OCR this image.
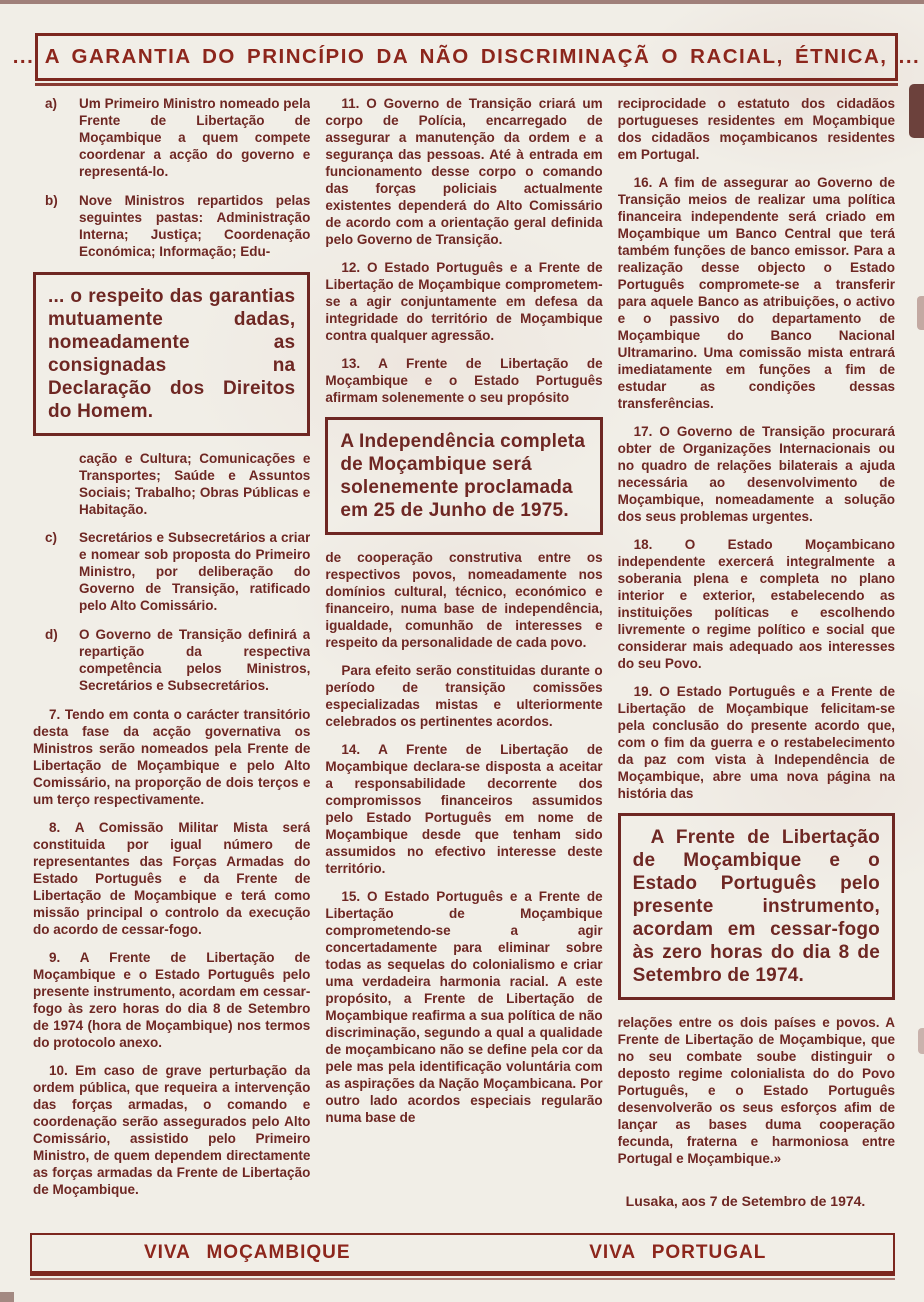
... A GARANTIA DO PRINCÍPIO DA NÃO DISCRIMINAÇÃ O RACIAL, ÉTNICA, ...
a) Um Primeiro Ministro nomeado pela Frente de Libertação de Moçambique a quem compete coordenar a acção do governo e representá-lo.
b) Nove Ministros repartidos pelas seguintes pastas: Administração Interna; Justiça; Coordenação Económica; Informação; Edu-
... o respeito das garantias mutuamente dadas, nomeadamente as consignadas na Declaração dos Direitos do Homem.
cação e Cultura; Comunicações e Transportes; Saúde e Assuntos Sociais; Trabalho; Obras Públicas e Habitação.
c) Secretários e Subsecretários a criar e nomear sob proposta do Primeiro Ministro, por deliberação do Governo de Transição, ratificado pelo Alto Comissário.
d) O Governo de Transição definirá a repartição da respectiva competência pelos Ministros, Secretários e Subsecretários.

7. Tendo em conta o carácter transitório desta fase da acção governativa os Ministros serão nomeados pela Frente de Libertação de Moçambique e pelo Alto Comissário, na proporção de dois terços e um terço respectivamente.

8. A Comissão Militar Mista será constituida por igual número de representantes das Forças Armadas do Estado Português e da Frente de Libertação de Moçambique e terá como missão principal o controlo da execução do acordo de cessar-fogo.

9. A Frente de Libertação de Moçambique e o Estado Português pelo presente instrumento, acordam em cessar-fogo às zero horas do dia 8 de Setembro de 1974 (hora de Moçambique) nos termos do protocolo anexo.

10. Em caso de grave perturbação da ordem pública, que requeira a intervenção das forças armadas, o comando e coordenação serão assegurados pelo Alto Comissário, assistido pelo Primeiro Ministro, de quem dependem directamente as forças armadas da Frente de Libertação de Moçambique.

11. O Governo de Transição criará um corpo de Polícia, encarregado de assegurar a manutenção da ordem e a segurança das pessoas. Até à entrada em funcionamento desse corpo o comando das forças policiais actualmente existentes dependerá do Alto Comissário de acordo com a orientação geral definida pelo Governo de Transição.

12. O Estado Português e a Frente de Libertação de Moçambique comprometem-se a agir conjuntamente em defesa da integridade do território de Moçambique contra qualquer agressão.

13. A Frente de Libertação de Moçambique e o Estado Português afirmam solenemente o seu propósito

A Independência completa de Moçambique será solenemente proclamada em 25 de Junho de 1975.

de cooperação construtiva entre os respectivos povos, nomeadamente nos domínios cultural, técnico, económico e financeiro, numa base de independência, igualdade, comunhão de interesses e respeito da personalidade de cada povo.

Para efeito serão constituidas durante o período de transição comissões especializadas mistas e ulteriormente celebrados os pertinentes acordos.

14. A Frente de Libertação de Moçambique declara-se disposta a aceitar a responsabilidade decorrente dos compromissos financeiros assumidos pelo Estado Português em nome de Moçambique desde que tenham sido assumidos no efectivo interesse deste território.

15. O Estado Português e a Frente de Libertação de Moçambique comprometendo-se a agir concertadamente para eliminar sobre todas as sequelas do colonialismo e criar uma verdadeira harmonia racial. A este propósito, a Frente de Libertação de Moçambique reafirma a sua política de não discriminação, segundo a qual a qualidade de moçambicano não se define pela cor da pele mas pela identificação voluntária com as aspirações da Nação Moçambicana. Por outro lado acordos especiais regularão numa base de

reciprocidade o estatuto dos cidadãos portugueses residentes em Moçambique dos cidadãos moçambicanos residentes em Portugal.

16. A fim de assegurar ao Governo de Transição meios de realizar uma política financeira independente será criado em Moçambique um Banco Central que terá também funções de banco emissor. Para a realização desse objecto o Estado Português compromete-se a transferir para aquele Banco as atribuições, o activo e o passivo do departamento de Moçambique do Banco Nacional Ultramarino. Uma comissão mista entrará imediatamente em funções a fim de estudar as condições dessas transferências.

17. O Governo de Transição procurará obter de Organizações Internacionais ou no quadro de relações bilaterais a ajuda necessária ao desenvolvimento de Moçambique, nomeadamente a solução dos seus problemas urgentes.

18. O Estado Moçambicano independente exercerá integralmente a soberania plena e completa no plano interior e exterior, estabelecendo as instituições políticas e escolhendo livremente o regime político e social que considerar mais adequado aos interesses do seu Povo.

19. O Estado Português e a Frente de Libertação de Moçambique felicitam-se pela conclusão do presente acordo que, com o fim da guerra e o restabelecimento da paz com vista à Independência de Moçambique, abre uma nova página na história das

A Frente de Libertação de Moçambique e o Estado Português pelo presente instrumento, acordam em cessar-fogo às zero horas do dia 8 de Setembro de 1974.

relações entre os dois países e povos. A Frente de Libertação de Moçambique, que no seu combate soube distinguir o deposto regime colonialista do do Povo Português, e o Estado Português desenvolverão os seus esforços afim de lançar as bases duma cooperação fecunda, fraterna e harmoniosa entre Portugal e Moçambique.»

Lusaka, aos 7 de Setembro de 1974.

VIVA MOÇAMBIQUE	VIVA PORTUGAL
